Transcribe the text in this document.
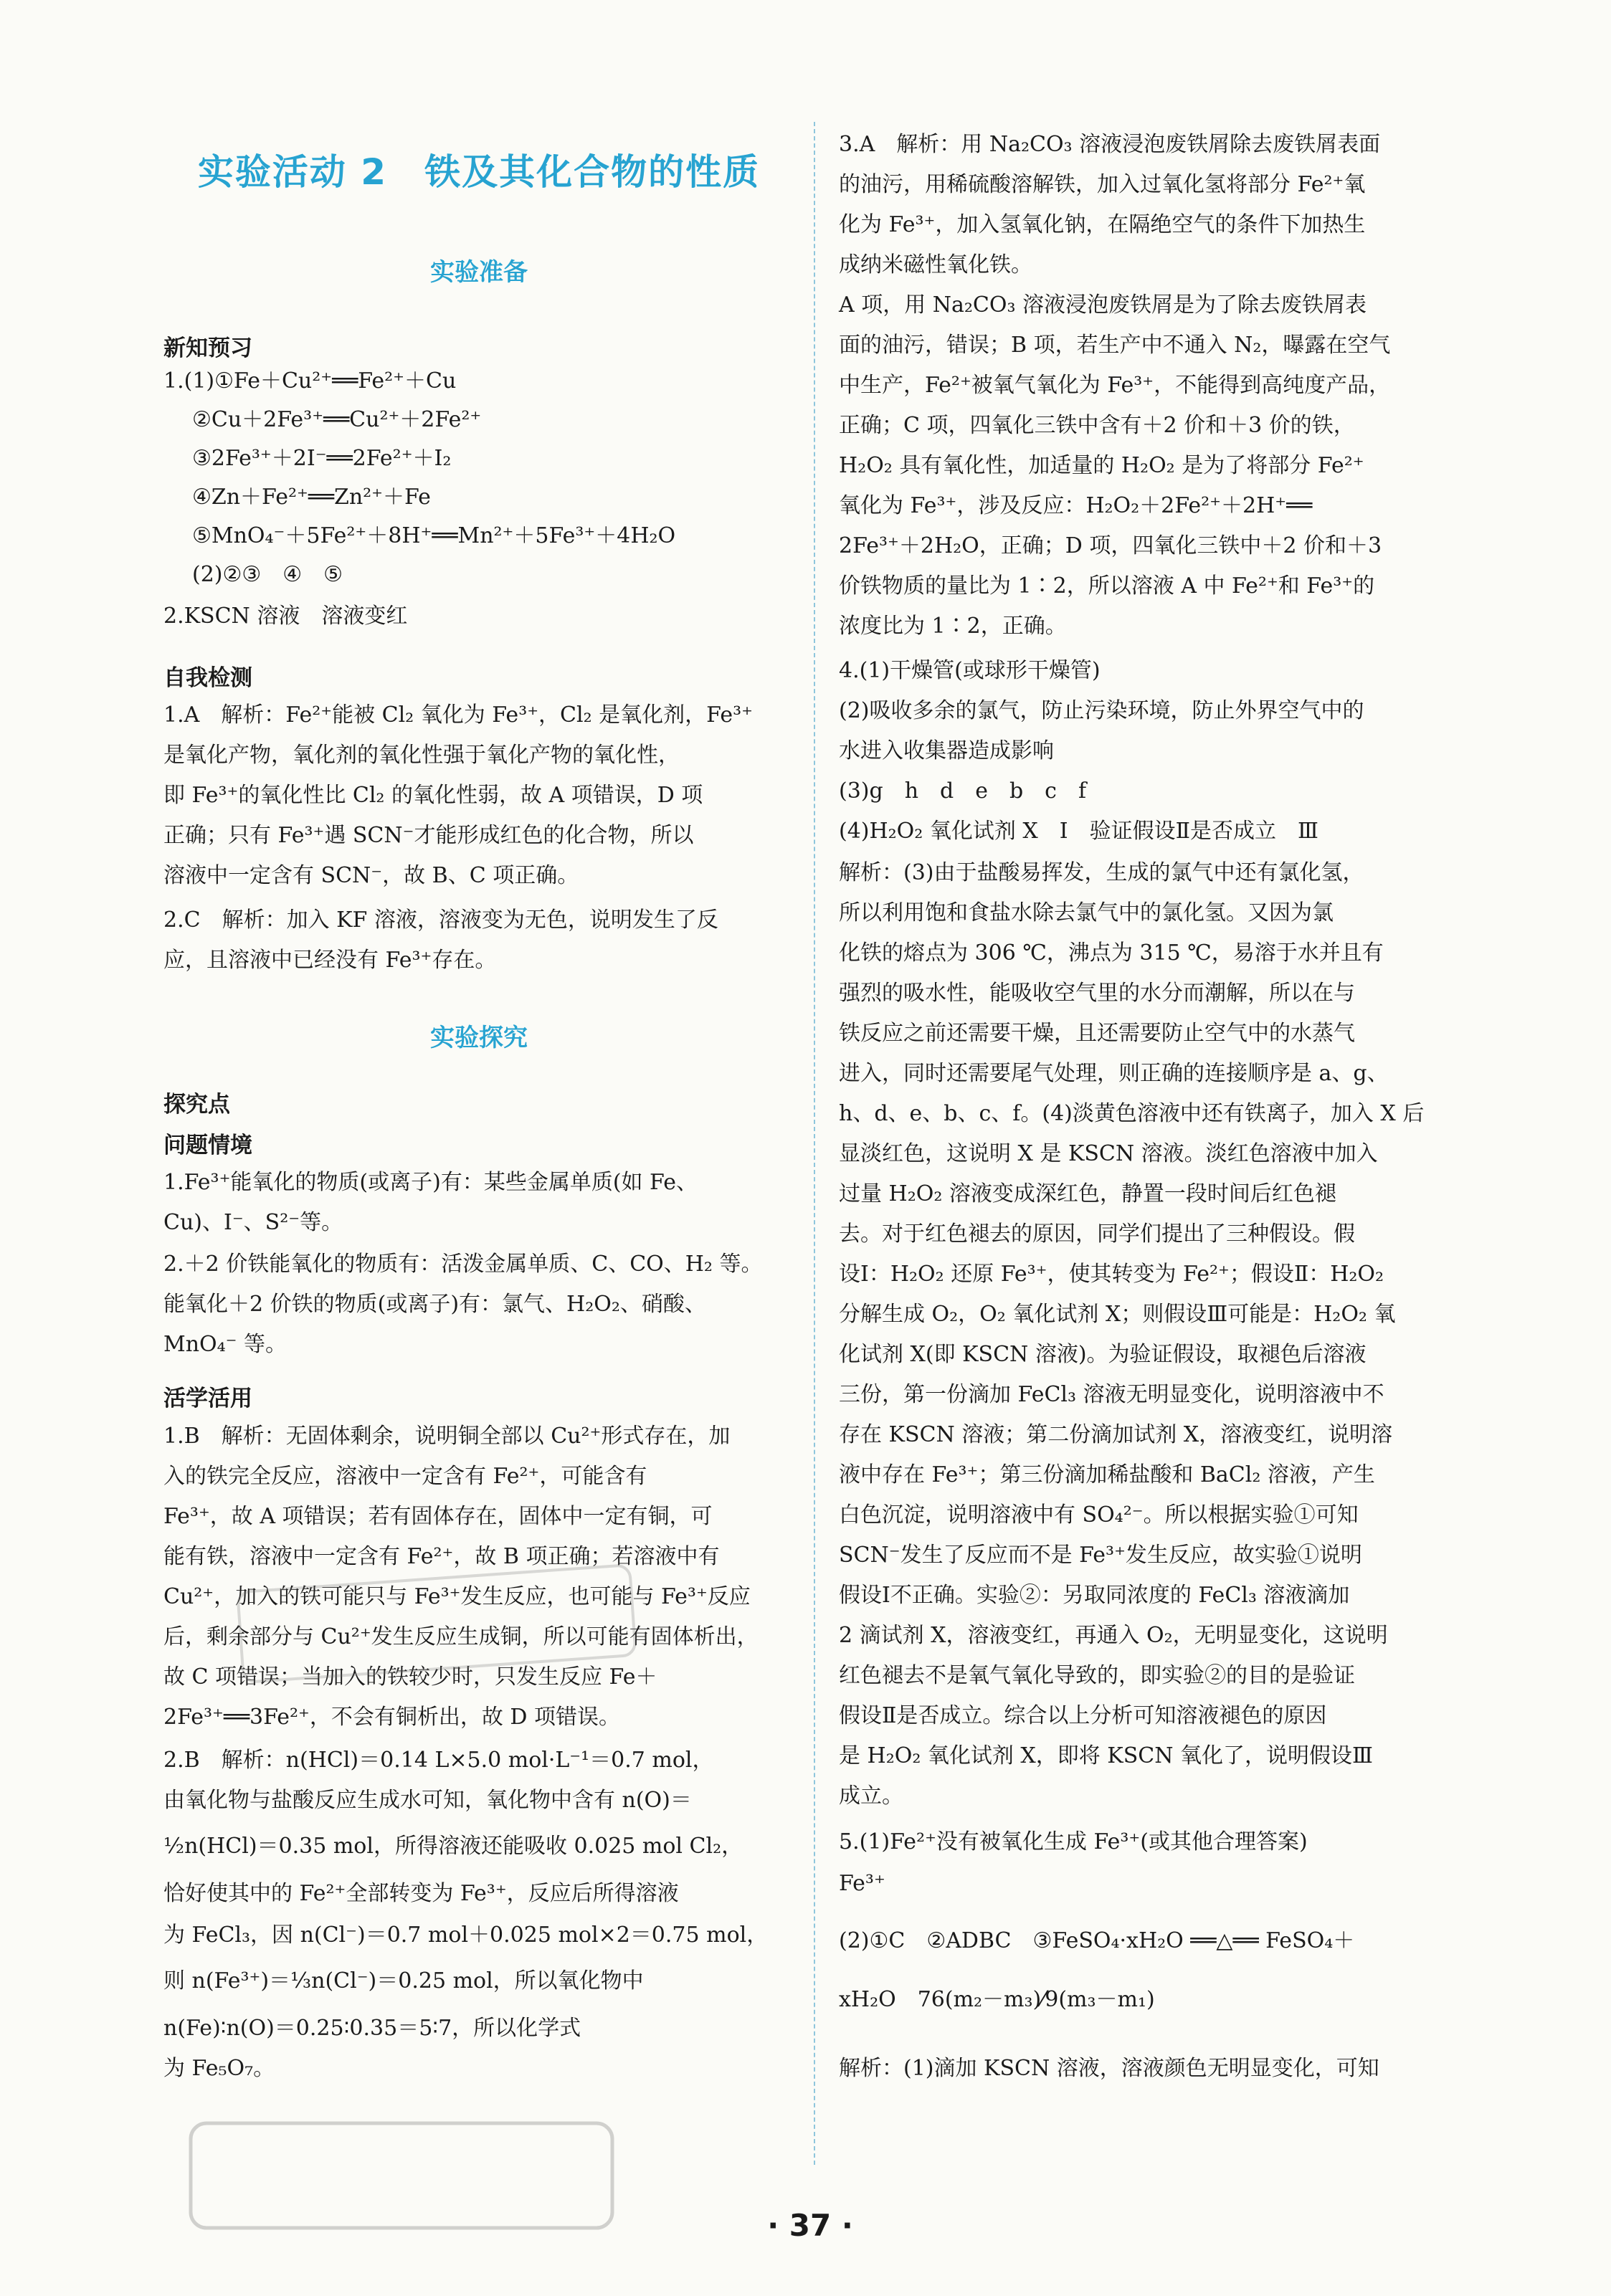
实验活动 2　铁及其化合物的性质
实验准备
新知预习
1.(1)①Fe＋Cu²⁺══Fe²⁺＋Cu
②Cu＋2Fe³⁺══Cu²⁺＋2Fe²⁺
③2Fe³⁺＋2I⁻══2Fe²⁺＋I₂
④Zn＋Fe²⁺══Zn²⁺＋Fe
⑤MnO₄⁻＋5Fe²⁺＋8H⁺══Mn²⁺＋5Fe³⁺＋4H₂O
(2)②③　④　⑤
2.KSCN 溶液　溶液变红
自我检测
1.A　解析：Fe²⁺能被 Cl₂ 氧化为 Fe³⁺，Cl₂ 是氧化剂，Fe³⁺
是氧化产物，氧化剂的氧化性强于氧化产物的氧化性，
即 Fe³⁺的氧化性比 Cl₂ 的氧化性弱，故 A 项错误，D 项
正确；只有 Fe³⁺遇 SCN⁻才能形成红色的化合物，所以
溶液中一定含有 SCN⁻，故 B、C 项正确。
2.C　解析：加入 KF 溶液，溶液变为无色，说明发生了反
应，且溶液中已经没有 Fe³⁺存在。
实验探究
探究点
问题情境
1.Fe³⁺能氧化的物质(或离子)有：某些金属单质(如 Fe、
Cu)、I⁻、S²⁻等。
2.＋2 价铁能氧化的物质有：活泼金属单质、C、CO、H₂ 等。
能氧化＋2 价铁的物质(或离子)有：氯气、H₂O₂、硝酸、
MnO₄⁻ 等。
活学活用
1.B　解析：无固体剩余，说明铜全部以 Cu²⁺形式存在，加
入的铁完全反应，溶液中一定含有 Fe²⁺，可能含有
Fe³⁺，故 A 项错误；若有固体存在，固体中一定有铜，可
能有铁，溶液中一定含有 Fe²⁺，故 B 项正确；若溶液中有
Cu²⁺，加入的铁可能只与 Fe³⁺发生反应，也可能与 Fe³⁺反应
后，剩余部分与 Cu²⁺发生反应生成铜，所以可能有固体析出，
故 C 项错误；当加入的铁较少时，只发生反应 Fe＋
2Fe³⁺══3Fe²⁺，不会有铜析出，故 D 项错误。
2.B　解析：n(HCl)＝0.14 L×5.0 mol·L⁻¹＝0.7 mol，
由氧化物与盐酸反应生成水可知，氧化物中含有 n(O)＝
½n(HCl)＝0.35 mol，所得溶液还能吸收 0.025 mol Cl₂，
恰好使其中的 Fe²⁺全部转变为 Fe³⁺，反应后所得溶液
为 FeCl₃，因 n(Cl⁻)＝0.7 mol＋0.025 mol×2＝0.75 mol，
则 n(Fe³⁺)＝⅓n(Cl⁻)＝0.25 mol，所以氧化物中
n(Fe)∶n(O)＝0.25∶0.35＝5∶7，所以化学式
为 Fe₅O₇。
3.A　解析：用 Na₂CO₃ 溶液浸泡废铁屑除去废铁屑表面
的油污，用稀硫酸溶解铁，加入过氧化氢将部分 Fe²⁺氧
化为 Fe³⁺，加入氢氧化钠，在隔绝空气的条件下加热生
成纳米磁性氧化铁。
A 项，用 Na₂CO₃ 溶液浸泡废铁屑是为了除去废铁屑表
面的油污，错误；B 项，若生产中不通入 N₂，曝露在空气
中生产，Fe²⁺被氧气氧化为 Fe³⁺，不能得到高纯度产品，
正确；C 项，四氧化三铁中含有＋2 价和＋3 价的铁，
H₂O₂ 具有氧化性，加适量的 H₂O₂ 是为了将部分 Fe²⁺
氧化为 Fe³⁺，涉及反应：H₂O₂＋2Fe²⁺＋2H⁺══
2Fe³⁺＋2H₂O，正确；D 项，四氧化三铁中＋2 价和＋3
价铁物质的量比为 1∶2，所以溶液 A 中 Fe²⁺和 Fe³⁺的
浓度比为 1∶2，正确。
4.(1)干燥管(或球形干燥管)
(2)吸收多余的氯气，防止污染环境，防止外界空气中的
水进入收集器造成影响
(3)g　h　d　e　b　c　f
(4)H₂O₂ 氧化试剂 X　Ⅰ　验证假设Ⅱ是否成立　Ⅲ
解析：(3)由于盐酸易挥发，生成的氯气中还有氯化氢，
所以利用饱和食盐水除去氯气中的氯化氢。又因为氯
化铁的熔点为 306 ℃，沸点为 315 ℃，易溶于水并且有
强烈的吸水性，能吸收空气里的水分而潮解，所以在与
铁反应之前还需要干燥，且还需要防止空气中的水蒸气
进入，同时还需要尾气处理，则正确的连接顺序是 a、g、
h、d、e、b、c、f。(4)淡黄色溶液中还有铁离子，加入 X 后
显淡红色，这说明 X 是 KSCN 溶液。淡红色溶液中加入
过量 H₂O₂ 溶液变成深红色，静置一段时间后红色褪
去。对于红色褪去的原因，同学们提出了三种假设。假
设Ⅰ：H₂O₂ 还原 Fe³⁺，使其转变为 Fe²⁺；假设Ⅱ：H₂O₂
分解生成 O₂，O₂ 氧化试剂 X；则假设Ⅲ可能是：H₂O₂ 氧
化试剂 X(即 KSCN 溶液)。为验证假设，取褪色后溶液
三份，第一份滴加 FeCl₃ 溶液无明显变化，说明溶液中不
存在 KSCN 溶液；第二份滴加试剂 X，溶液变红，说明溶
液中存在 Fe³⁺；第三份滴加稀盐酸和 BaCl₂ 溶液，产生
白色沉淀，说明溶液中有 SO₄²⁻。所以根据实验①可知
SCN⁻发生了反应而不是 Fe³⁺发生反应，故实验①说明
假设Ⅰ不正确。实验②：另取同浓度的 FeCl₃ 溶液滴加
2 滴试剂 X，溶液变红，再通入 O₂，无明显变化，这说明
红色褪去不是氧气氧化导致的，即实验②的目的是验证
假设Ⅱ是否成立。综合以上分析可知溶液褪色的原因
是 H₂O₂ 氧化试剂 X，即将 KSCN 氧化了，说明假设Ⅲ
成立。
5.(1)Fe²⁺没有被氧化生成 Fe³⁺(或其他合理答案)
Fe³⁺
(2)①C　②ADBC　③FeSO₄·xH₂O ══△══ FeSO₄＋
xH₂O　76(m₂－m₃)⁄9(m₃－m₁)
解析：(1)滴加 KSCN 溶液，溶液颜色无明显变化，可知
· 37 ·
